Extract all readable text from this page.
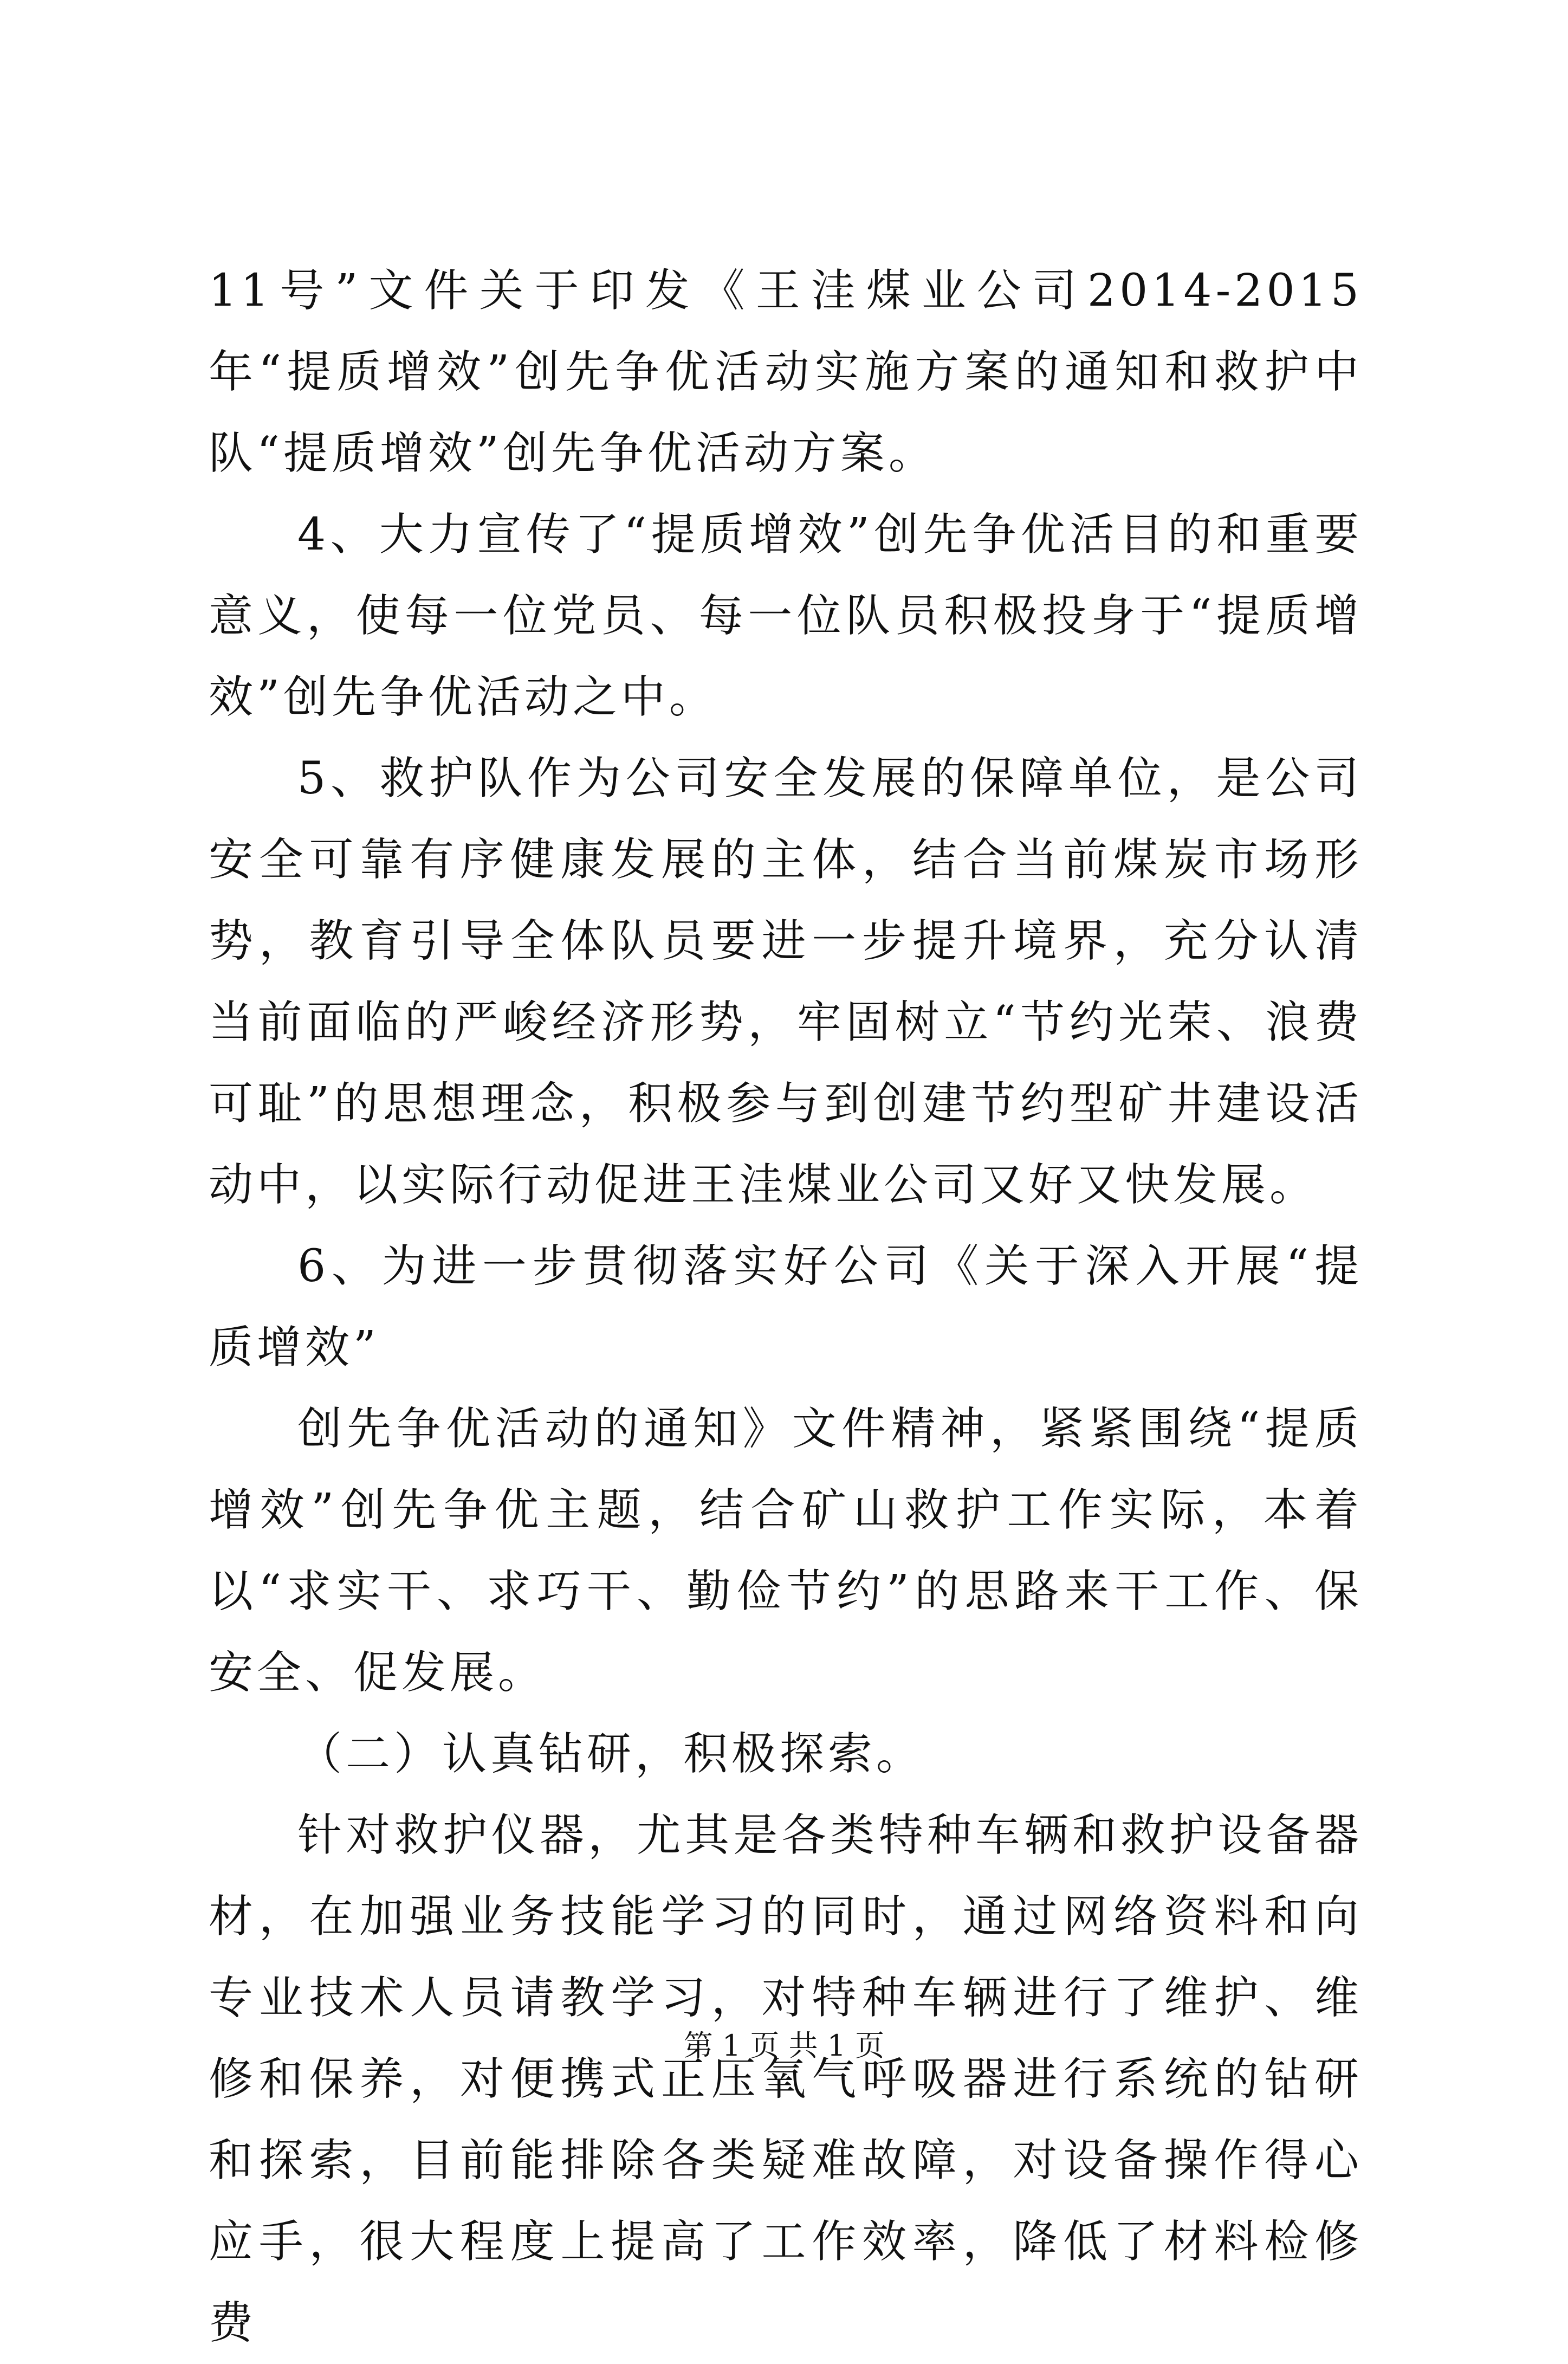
11号”文件关于印发《王洼煤业公司2014-2015年“提质增效”创先争优活动实施方案的通知和救护中队“提质增效”创先争优活动方案。

4、大力宣传了“提质增效”创先争优活目的和重要意义，使每一位党员、每一位队员积极投身于“提质增效”创先争优活动之中。

5、救护队作为公司安全发展的保障单位，是公司安全可靠有序健康发展的主体，结合当前煤炭市场形势，教育引导全体队员要进一步提升境界，充分认清当前面临的严峻经济形势，牢固树立“节约光荣、浪费可耻”的思想理念，积极参与到创建节约型矿井建设活动中，以实际行动促进王洼煤业公司又好又快发展。

6、为进一步贯彻落实好公司《关于深入开展“提质增效”

创先争优活动的通知》文件精神，紧紧围绕“提质增效”创先争优主题，结合矿山救护工作实际，本着以“求实干、求巧干、勤俭节约”的思路来干工作、保安全、促发展。

（二）认真钻研，积极探索。

针对救护仪器，尤其是各类特种车辆和救护设备器材，在加强业务技能学习的同时，通过网络资料和向专业技术人员请教学习，对特种车辆进行了维护、维修和保养，对便携式正压氧气呼吸器进行系统的钻研和探索，目前能排除各类疑难故障，对设备操作得心应手，很大程度上提高了工作效率，降低了材料检修费

第 1 页 共 1 页
